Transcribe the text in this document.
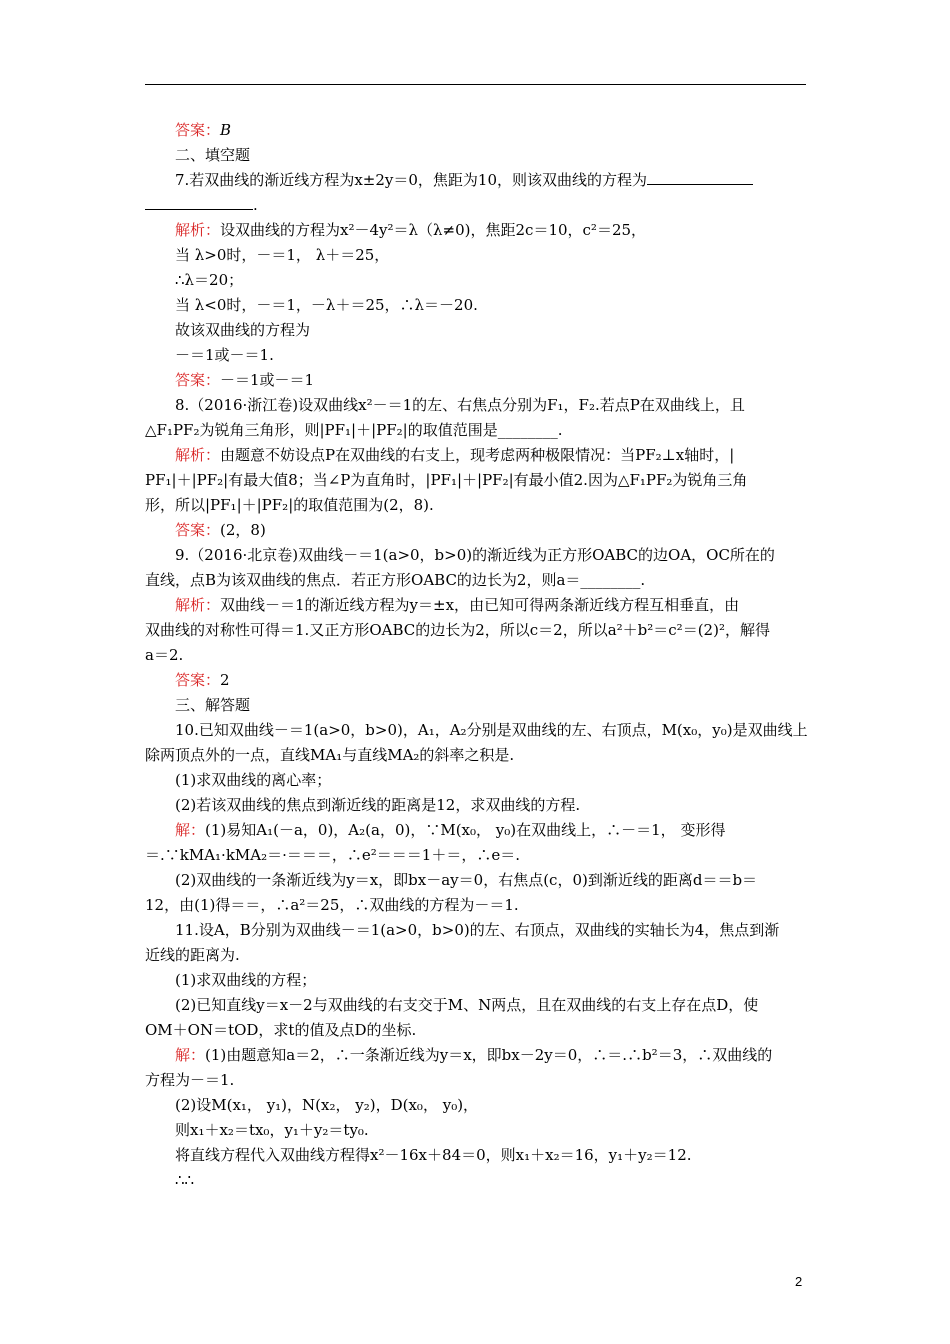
答案：B
二、填空题
7.若双曲线的渐近线方程为x±2y＝0，焦距为10，则该双曲线的方程为
.
解析：设双曲线的方程为x²－4y²＝λ（λ≠0)，焦距2c＝10，c²＝25，
当 λ>0时，－＝1， λ＋＝25，
∴λ＝20；
当 λ<0时，－＝1，－λ＋＝25，∴λ＝－20.
故该双曲线的方程为
－＝1或－＝1.
答案：－＝1或－＝1
8.（2016·浙江卷)设双曲线x²－＝1的左、右焦点分别为F₁，F₂.若点P在双曲线上，且
△F₁PF₂为锐角三角形，则|PF₁|＋|PF₂|的取值范围是________.
解析：由题意不妨设点P在双曲线的右支上，现考虑两种极限情况：当PF₂⊥x轴时，|
PF₁|＋|PF₂|有最大值8；当∠P为直角时，|PF₁|＋|PF₂|有最小值2.因为△F₁PF₂为锐角三角
形，所以|PF₁|＋|PF₂|的取值范围为(2，8).
答案：(2，8)
9.（2016·北京卷)双曲线－＝1(a>0，b>0)的渐近线为正方形OABC的边OA，OC所在的
直线，点B为该双曲线的焦点．若正方形OABC的边长为2，则a＝________.
解析：双曲线－＝1的渐近线方程为y＝±x，由已知可得两条渐近线方程互相垂直，由
双曲线的对称性可得＝1.又正方形OABC的边长为2，所以c＝2，所以a²＋b²＝c²＝(2)²，解得
a＝2.
答案：2
三、解答题
10.已知双曲线－＝1(a>0，b>0)，A₁，A₂分别是双曲线的左、右顶点，M(x₀，y₀)是双曲线上
除两顶点外的一点，直线MA₁与直线MA₂的斜率之积是.
(1)求双曲线的离心率；
(2)若该双曲线的焦点到渐近线的距离是12，求双曲线的方程.
解：(1)易知A₁(－a，0)，A₂(a，0)，∵M(x₀， y₀)在双曲线上，∴－＝1， 变形得
＝.∵kMA₁·kMA₂＝·＝＝＝，∴e²＝＝＝1＋＝，∴e＝.
(2)双曲线的一条渐近线为y＝x，即bx－ay＝0，右焦点(c，0)到渐近线的距离d＝＝b＝
12，由(1)得＝＝，∴a²＝25，∴双曲线的方程为－＝1.
11.设A，B分别为双曲线－＝1(a>0，b>0)的左、右顶点，双曲线的实轴长为4，焦点到渐
近线的距离为.
(1)求双曲线的方程；
(2)已知直线y＝x－2与双曲线的右支交于M、N两点，且在双曲线的右支上存在点D，使
OM＋ON＝tOD，求t的值及点D的坐标.
解：(1)由题意知a＝2，∴一条渐近线为y＝x，即bx－2y＝0，∴＝.∴b²＝3，∴双曲线的
方程为－＝1.
(2)设M(x₁， y₁)，N(x₂， y₂)，D(x₀， y₀)，
则x₁＋x₂＝tx₀，y₁＋y₂＝ty₀.
将直线方程代入双曲线方程得x²－16x＋84＝0，则x₁＋x₂＝16，y₁＋y₂＝12.
∴∴
2
